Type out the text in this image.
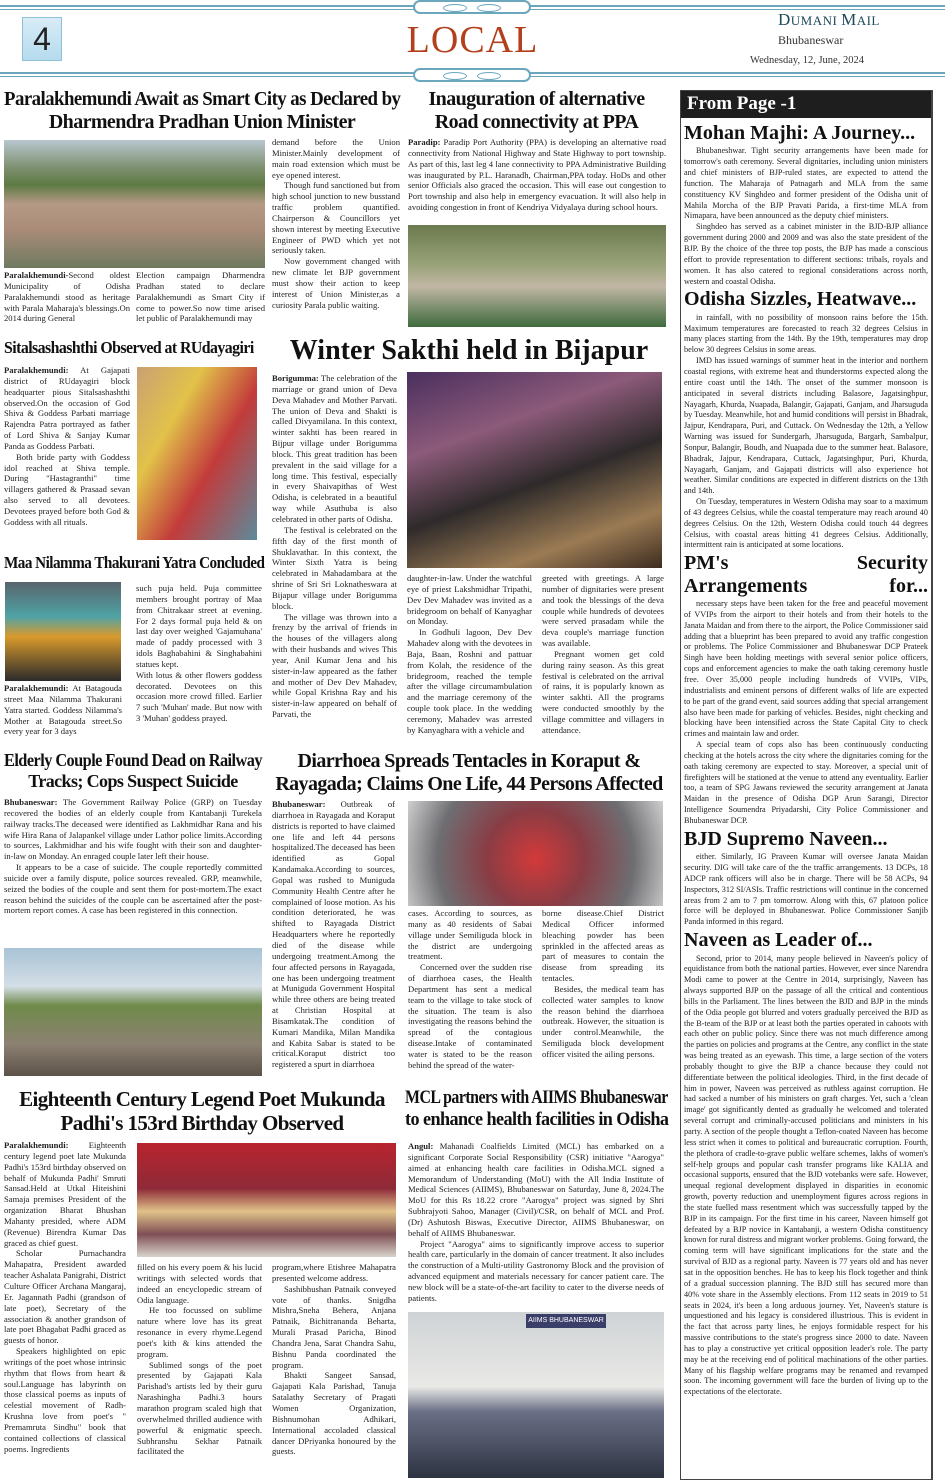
4	LOCAL	DUMANI MAIL
Bhubaneswar
Wednesday, 12, June, 2024
Paralakhemundi Await as Smart City as Declared by
Dharmendra Pradhan Union Minister

Paralakhemundi-Second oldest Municipality of Odisha Paralakhemundi stood as heritage with Parala Maharaja's blessings.On 2014 during General

Election campaign Dharmendra Pradhan stated to declare Paralakhemundi as Smart City if come to power.So now time arised let public of Paralakhemundi may

demand before the Union Minister.Mainly development of main road extension which must be eye opened interest.

Though fund sanctioned but from high school junction to new busstand traffic problem quantified. Chairperson & Councillors yet shown interest by meeting Executive Engineer of PWD which yet not seriously taken.

Now government changed with new climate let BJP government must show their action to keep interest of Union Minister,as a curiosity Parala public waiting.

Inauguration of alternative
Road connectivity at PPA

Paradip: Paradip Port Authority (PPA) is developing an alternative road connectivity from National Highway and State Highway to port township. As part of this, last leg 4 lane connectivity to PPA Administrative Building was inaugurated by P.L. Haranadh, Chairman,PPA today. HoDs and other senior Officials also graced the occasion. This will ease out congestion to Port township and also help in emergency evacuation. It will also help in avoiding congestion in front of Kendriya Vidyalaya during school hours.

Sitalsashashthi Observed at RUdayagiri

Paralakhemundi: At Gajapati district of RUdayagiri block headquarter pious Sitalsashashthi observed.On the occasion of God Shiva & Goddess Parbati marriage Rajendra Patra portrayed as father of Lord Shiva & Sanjay Kumar Panda as Goddess Parbati.

Both bride party with Goddess idol reached at Shiva temple. During "Hastagranthi" time villagers gathered & Prasaad sevan also served to all devotees. Devotees prayed before both God & Goddess with all rituals.

Winter Sakthi held in Bijapur

Borigumma: The celebration of the marriage or grand union of Deva Deva Mahadev and Mother Parvati. The union of Deva and Shakti is called Divyamilana. In this context, winter sakhti has been reared in Bijpur village under Borigumma block. This great tradition has been prevalent in the said village for a long time. This festival, especially in every Shaivapithas of West Odisha, is celebrated in a beautiful way while Asuthuba is also celebrated in other parts of Odisha.

The festival is celebrated on the fifth day of the first month of Shuklavathar. In this context, the Winter Sixth Yatra is being celebrated in Mahadambara at the shrine of Sri Sri Loknatheswara at Bijapur village under Borigumma block.

The village was thrown into a frenzy by the arrival of friends in the houses of the villagers along with their husbands and wives This year, Anil Kumar Jena and his sister-in-law appeared as the father and mother of Dev Dev Mahadev, while Gopal Krishna Ray and his sister-in-law appeared on behalf of Parvati, the

daughter-in-law. Under the watchful eye of priest Lakshmidhar Tripathi, Dev Dev Mahadev was invited as a bridegroom on behalf of Kanyaghar on Monday.

In Godhuli lagoon, Dev Dev Mahadev along with the devotees in Baja, Baan, Roshni and pattuar from Kolah, the residence of the bridegroom, reached the temple after the village circumambulation and the marriage ceremony of the couple took place. In the wedding ceremony, Mahadev was arrested by Kanyaghara with a vehicle and

greeted with greetings. A large number of dignitaries were present and took the blessings of the deva couple while hundreds of devotees were served prasadam while the deva couple's marriage function was available.

Pregnant women get cold during rainy season. As this great festival is celebrated on the arrival of rains, it is popularly known as winter sakhti. All the programs were conducted smoothly by the village committee and villagers in attendance.

Maa Nilamma Thakurani Yatra Concluded

Paralakhemundi: At Batagouda street Maa Nilamma Thakurani Yatra started. Goddess Nilamma's Mother at Batagouda street.So every year for 3 days

such puja held. Puja committee members brought portray of Maa from Chitrakaar street at evening. For 2 days formal puja held & on last day over weighed 'Gajamuhana' made of paddy processed with 3 idols Baghabahini & Singhabahini statues kept.

With lotus & other flowers goddess decorated. Devotees on this occasion more crowd filled. Earlier 7 such 'Muhan' made. But now with 3 'Muhan' goddess prayed.

Elderly Couple Found Dead on Railway
Tracks; Cops Suspect Suicide

Bhubaneswar: The Government Railway Police (GRP) on Tuesday recovered the bodies of an elderly couple from Kantabanji Turekela railway tracks.The deceased were identified as Lakhmidhar Rana and his wife Hira Rana of Jalapankel village under Lathor police limits.According to sources, Lakhmidhar and his wife fought with their son and daughter-in-law on Monday. An enraged couple later left their house.

It appears to be a case of suicide. The couple reportedly committed suicide over a family dispute, police sources revealed. GRP, meanwhile, seized the bodies of the couple and sent them for post-mortem.The exact reason behind the suicides of the couple can be ascertained after the post-mortem report comes. A case has been registered in this connection.

Diarrhoea Spreads Tentacles in Koraput &
Rayagada; Claims One Life, 44 Persons Affected

Bhubaneswar: Outbreak of diarrhoea in Rayagada and Koraput districts is reported to have claimed one life and left 44 persons hospitalized.The deceased has been identified as Gopal Kandamaka.According to sources, Gopal was rushed to Muniguda Community Health Centre after he complained of loose motion. As his condition deteriorated, he was shifted to Rayagada District Headquarters where he reportedly died of the disease while undergoing treatment.Among the four affected persons in Rayagada, one has been undergoing treatment at Muniguda Government Hospital while three others are being treated at Christian Hospital at Bisamkatak.The condition of Kumari Mandika, Milan Mandika and Kabita Sabar is stated to be critical.Koraput district too registered a spurt in diarrhoea

cases. According to sources, as many as 40 residents of Sabai village under Semiliguda block in the district are undergoing treatment.

Concerned over the sudden rise of diarrhoea cases, the Health Department has sent a medical team to the village to take stock of the situation. The team is also investigating the reasons behind the spread of the contagious disease.Intake of contaminated water is stated to be the reason behind the spread of the water-

borne disease.Chief District Medical Officer informed bleaching powder has been sprinkled in the affected areas as part of measures to contain the disease from spreading its tentacles.

Besides, the medical team has collected water samples to know the reason behind the diarrhoea outbreak. However, the situation is under control.Meanwhile, the Semiliguda block development officer visited the ailing persons.

Eighteenth Century Legend Poet Mukunda
Padhi's 153rd Birthday Observed

Paralakhemundi: Eighteenth century legend poet late Mukunda Padhi's 153rd birthday observed on behalf of Mukunda Padhi' Smruti Sansad.Held at Utkal Hiteishini Samaja premises President of the organization Bharat Bhushan Mahanty presided, where ADM (Revenue) Birendra Kumar Das graced as chief guest.

Scholar Purnachandra Mahapatra, President awarded teacher Ashalata Panigrahi, District Culture Officer Archana Mangaraj, Er. Jagannath Padhi (grandson of late poet), Secretary of the association & another grandson of late poet Bhagabat Padhi graced as guests of honor.

Speakers highlighted on epic writings of the poet whose intrinsic rhythm that flows from heart & soul.Language has labyrinth on those classical poems as inputs of celestial movement of Radh-Krushna love from poet's " Premamruta Sindhu" book that contained collections of classical poems. Ingredients

filled on his every poem & his lucid writings with selected words that indeed an encyclopedic stream of Odia language.

He too focussed on sublime nature where love has its great resonance in every rhyme.Legend poet's kith & kins attended the program.

Sublimed songs of the poet presented by Gajapati Kala Parishad's artists led by their guru Narashingha Padhi.3 hours marathon program scaled high that overwhelmed thrilled audience with powerful & enigmatic speech. Subhranshu Sekhar Patnaik facilitated the

program,where Etishree Mahapatra presented welcome address.

Sashibhushan Patnaik conveyed vote of thanks. Snigdha Mishra,Sneha Behera, Anjana Patnaik, Bichitrananda Beharta, Murali Prasad Paricha, Binod Chandra Jena, Sarat Chandra Sahu, Bishnu Panda coordinated the program.

Bhakti Sangeet Sansad, Gajapati Kala Parishad, Tanuja Satalathy Secretary of Pragati Women Organization, Bishnumohan Adhikari, International accoladed classical dancer DPriyanka honoured by the guests.

MCL partners with AIIMS Bhubaneswar
to enhance health facilities in Odisha

Angul: Mahanadi Coalfields Limited (MCL) has embarked on a significant Corporate Social Responsibility (CSR) initiative "Aarogya" aimed at enhancing health care facilities in Odisha.MCL signed a Memorandum of Understanding (MoU) with the All India Institute of Medical Sciences (AIIMS), Bhubaneswar on Saturday, June 8, 2024.The MoU for this Rs 18.22 crore "Aarogya" project was signed by Shri Subhrajyoti Sahoo, Manager (Civil)/CSR, on behalf of MCL and Prof. (Dr) Ashutosh Biswas, Executive Director, AIIMS Bhubaneswar, on behalf of AIIMS Bhubaneswar.

Project "Aarogya" aims to significantly improve access to superior health care, particularly in the domain of cancer treatment. It also includes the construction of a Multi-utility Gastronomy Block and the provision of advanced equipment and materials necessary for cancer patient care. The new block will be a state-of-the-art facility to cater to the diverse needs of patients.

AIIMS BHUBANESWAR
From Page -1
Mohan Majhi: A Journey...

Bhubaneshwar. Tight security arrangements have been made for tomorrow's oath ceremony. Several dignitaries, including union ministers and chief ministers of BJP-ruled states, are expected to attend the function. The Maharaja of Patnagarh and MLA from the same constituency KV Singhdeo and former president of the Odisha unit of Mahila Morcha of the BJP Pravati Parida, a first-time MLA from Nimapara, have been announced as the deputy chief ministers.

Singhdeo has served as a cabinet minister in the BJD-BJP alliance government during 2000 and 2009 and was also the state president of the BJP. By the choice of the three top posts, the BJP has made a conscious effort to provide representation to different sections: tribals, royals and women. It has also catered to regional considerations across north, western and coastal Odisha.

Odisha Sizzles, Heatwave...

in rainfall, with no possibility of monsoon rains before the 15th. Maximum temperatures are forecasted to reach 32 degrees Celsius in many places starting from the 14th. By the 19th, temperatures may drop below 30 degrees Celsius in some areas.

IMD has issued warnings of summer heat in the interior and northern coastal regions, with extreme heat and thunderstorms expected along the entire coast until the 14th. The onset of the summer monsoon is anticipated in several districts including Balasore, Jagatsinghpur, Nayagarh, Khurda, Nuapada, Balangir, Gajapati, Ganjam, and Jharsuguda by Tuesday. Meanwhile, hot and humid conditions will persist in Bhadrak, Jajpur, Kendrapara, Puri, and Cuttack. On Wednesday the 12th, a Yellow Warning was issued for Sundergarh, Jharsuguda, Bargarh, Sambalpur, Sonpur, Balangir, Boudh, and Nuapada due to the summer heat. Balasore, Bhadrak, Jajpur, Kendrapara, Cuttack, Jagatsinghpur, Puri, Khurda, Nayagarh, Ganjam, and Gajapati districts will also experience hot weather. Similar conditions are expected in different districts on the 13th and 14th.

On Tuesday, temperatures in Western Odisha may soar to a maximum of 43 degrees Celsius, while the coastal temperature may reach around 40 degrees Celsius. On the 12th, Western Odisha could touch 44 degrees Celsius, with coastal areas hitting 41 degrees Celsius. Additionally, intermittent rain is anticipated at some locations.

PM's Security Arrangements for...

necessary steps have been taken for the free and peaceful movement of VVIPs from the airport to their hotels and from their hotels to the Janata Maidan and from there to the airport, the Police Commissioner said adding that a blueprint has been prepared to avoid any traffic congestion or problems. The Police Commissioner and Bhubaneswar DCP Prateek Singh have been holding meetings with several senior police officers, cops and enforcement agencies to make the oath taking ceremony hustle free. Over 35,000 people including hundreds of VVIPs, VIPs, industrialists and eminent persons of different walks of life are expected to be part of the grand event, said sources adding that special arrangement also have been made for parking of vehicles. Besides, night checking and blocking have been intensified across the State Capital City to check crimes and maintain law and order.

A special team of cops also has been continuously conducting checking at the hotels across the city where the dignitaries coming for the oath taking ceremony are expected to stay. Moreover, a special unit of firefighters will be stationed at the venue to attend any eventuality. Earlier too, a team of SPG Jawans reviewed the security arrangement at Janata Maidan in the presence of Odisha DGP Arun Sarangi, Director Intelligence Soumendra Priyadarshi, City Police Commissioner and Bhubaneswar DCP.

BJD Supremo Naveen...

either. Similarly, IG Praveen Kumar will oversee Janata Maidan security. DIG will take care of the the traffic arrangements. 13 DCPs, 18 ADCP rank officers will also be in charge. There will be 58 ACPs, 94 Inspectors, 312 SI/ASIs. Traffic restrictions will continue in the concerned areas from 2 am to 7 pm tomorrow. Along with this, 67 platoon police force will be deployed in Bhubaneswar. Police Commissioner Sanjib Panda informed in this regard.

Naveen as Leader of...

Second, prior to 2014, many people believed in Naveen's policy of equidistance from both the national parties. However, ever since Narendra Modi came to power at the Centre in 2014, surprisingly, Naveen has always supported BJP on the passage of all the critical and contentious bills in the Parliament. The lines between the BJD and BJP in the minds of the Odia people got blurred and voters gradually perceived the BJD as the B-team of the BJP or at least both the parties operated in cahoots with each other on public policy. Since there was not much difference among the parties on policies and programs at the Centre, any conflict in the state was being treated as an eyewash. This time, a large section of the voters probably thought to give the BJP a chance because they could not differentiate between the political ideologies. Third, in the first decade of him in power, Naveen was perceived as ruthless against corruption. He had sacked a number of his ministers on graft charges. Yet, such a 'clean image' got significantly dented as gradually he welcomed and tolerated several corrupt and criminally-accused politicians and ministers in his party. A section of the people thought a Teflon-coated Naveen has become less strict when it comes to political and bureaucratic corruption. Fourth, the plethora of cradle-to-grave public welfare schemes, lakhs of women's self-help groups and popular cash transfer programs like KALIA and occasional supports, ensured that the BJD votebanks were safe. However, unequal regional development displayed in disparities in economic growth, poverty reduction and unemployment figures across regions in the state fuelled mass resentment which was successfully tapped by the BJP in its campaign. For the first time in his career, Naveen himself got defeated by a BJP novice in Kantabanji, a western Odisha constituency known for rural distress and migrant worker problems. Going forward, the coming term will have significant implications for the state and the survival of BJD as a regional party. Naveen is 77 years old and has never sat in the opposition benches. He has to keep his flock together and think of a gradual succession planning. The BJD still has secured more than 40% vote share in the Assembly elections. From 112 seats in 2019 to 51 seats in 2024, it's been a long arduous journey. Yet, Naveen's stature is unquestioned and his legacy is considered illustrious. This is evident in the fact that across party lines, he enjoys formidable respect for his massive contributions to the state's progress since 2000 to date. Naveen has to play a constructive yet critical opposition leader's role. The party may be at the receiving end of political machinations of the other parties. Many of his flagship welfare programs may be renamed and revamped soon. The incoming government will face the burden of living up to the expectations of the electorate.
